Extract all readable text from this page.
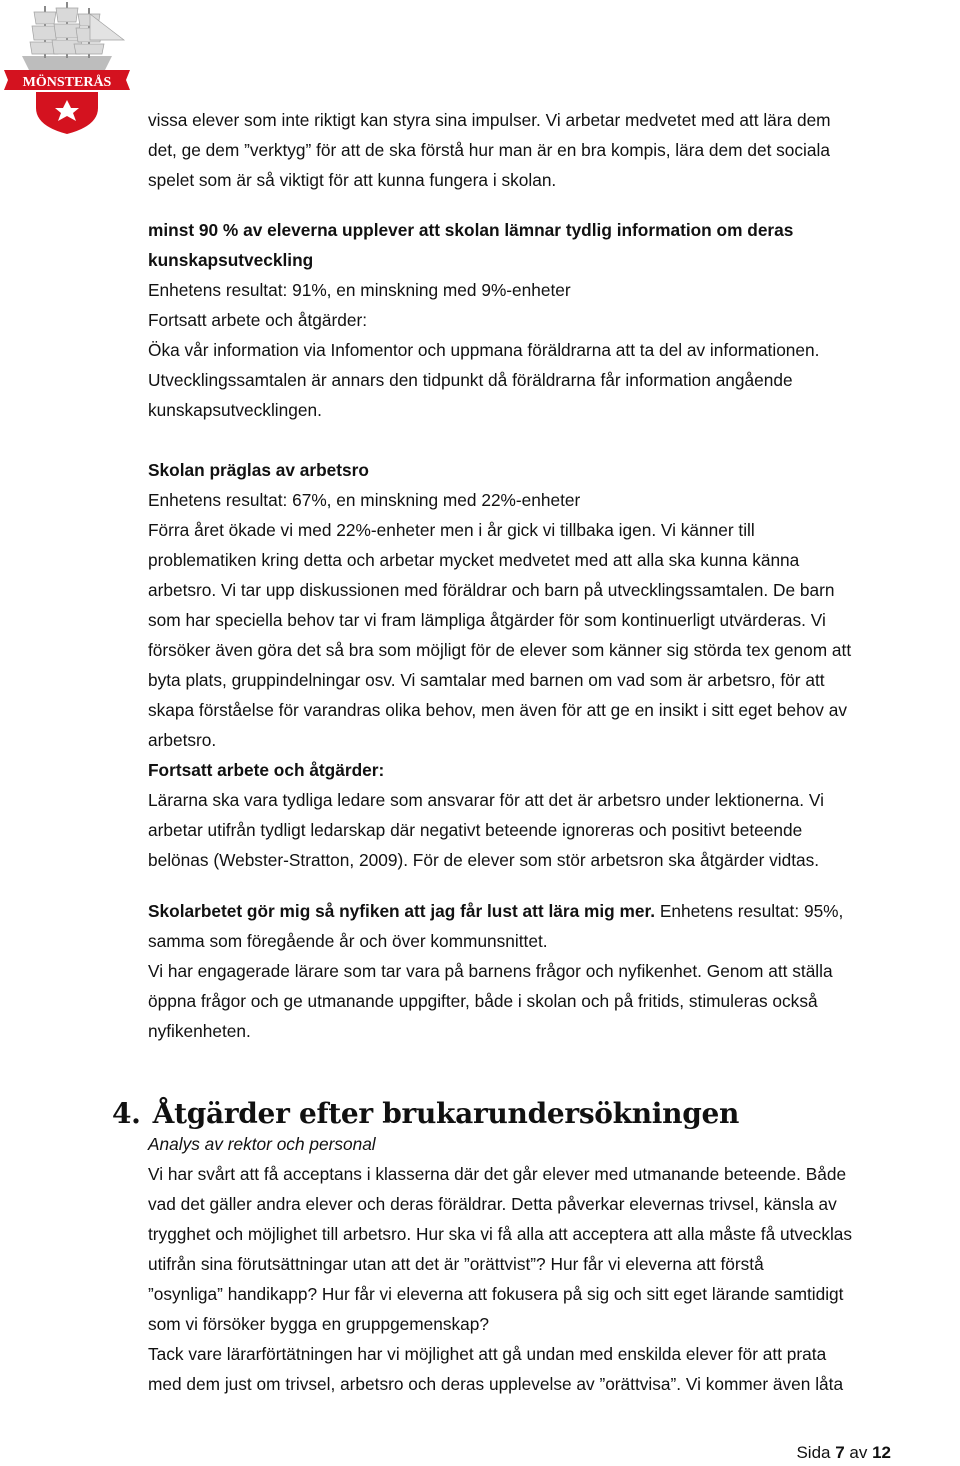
MÖNSTERÅS
vissa elever som inte riktigt kan styra sina impulser. Vi arbetar medvetet med att lära dem
det, ge dem ”verktyg” för att de ska förstå hur man är en bra kompis, lära dem det sociala
spelet som är så viktigt för att kunna fungera i skolan.
minst 90 % av eleverna upplever att skolan lämnar tydlig information om deras
kunskapsutveckling
Enhetens resultat: 91%, en minskning med 9%-enheter
Fortsatt arbete och åtgärder:
Öka vår information via Infomentor och uppmana föräldrarna att ta del av informationen.
Utvecklingssamtalen är annars den tidpunkt då föräldrarna får information angående
kunskapsutvecklingen.
Skolan präglas av arbetsro
Enhetens resultat: 67%, en minskning med 22%-enheter
Förra året ökade vi med 22%-enheter men i år gick vi tillbaka igen. Vi känner till
problematiken kring detta och arbetar mycket medvetet med att alla ska kunna känna
arbetsro. Vi tar upp diskussionen med föräldrar och barn på utvecklingssamtalen. De barn
som har speciella behov tar vi fram lämpliga åtgärder för som kontinuerligt utvärderas. Vi
försöker även göra det så bra som möjligt för de elever som känner sig störda tex genom att
byta plats, gruppindelningar osv. Vi samtalar med barnen om vad som är arbetsro, för att
skapa förståelse för varandras olika behov, men även för att ge en insikt i sitt eget behov av
arbetsro.
Fortsatt arbete och åtgärder:
Lärarna ska vara tydliga ledare som ansvarar för att det är arbetsro under lektionerna. Vi
arbetar utifrån tydligt ledarskap där negativt beteende ignoreras och positivt beteende
belönas (Webster-Stratton, 2009). För de elever som stör arbetsron ska åtgärder vidtas.
Skolarbetet gör mig så nyfiken att jag får lust att lära mig mer. Enhetens resultat: 95%,
samma som föregående år och över kommunsnittet.
Vi har engagerade lärare som tar vara på barnens frågor och nyfikenhet. Genom att ställa
öppna frågor och ge utmanande uppgifter, både i skolan och på fritids, stimuleras också
nyfikenheten.
4. Åtgärder efter brukarundersökningen
Analys av rektor och personal
Vi har svårt att få acceptans i klasserna där det går elever med utmanande beteende. Både
vad det gäller andra elever och deras föräldrar. Detta påverkar elevernas trivsel, känsla av
trygghet och möjlighet till arbetsro. Hur ska vi få alla att acceptera att alla måste få utvecklas
utifrån sina förutsättningar utan att det är ”orättvist”? Hur får vi eleverna att förstå
”osynliga” handikapp? Hur får vi eleverna att fokusera på sig och sitt eget lärande samtidigt
som vi försöker bygga en gruppgemenskap?
Tack vare lärarförtätningen har vi möjlighet att gå undan med enskilda elever för att prata
med dem just om trivsel, arbetsro och deras upplevelse av ”orättvisa”. Vi kommer även låta
Sida 7 av 12
